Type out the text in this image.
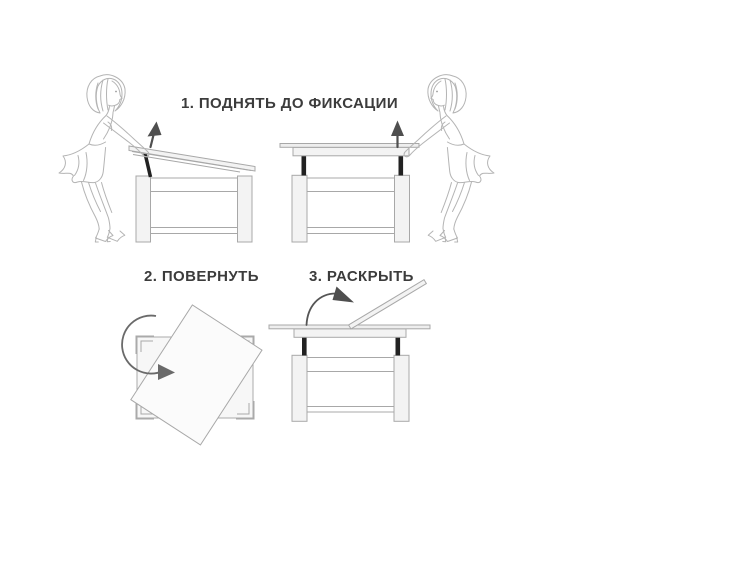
1. ПОДНЯТЬ ДО ФИКСАЦИИ
2. ПОВЕРНУТЬ	3. РАСКРЫТЬ
